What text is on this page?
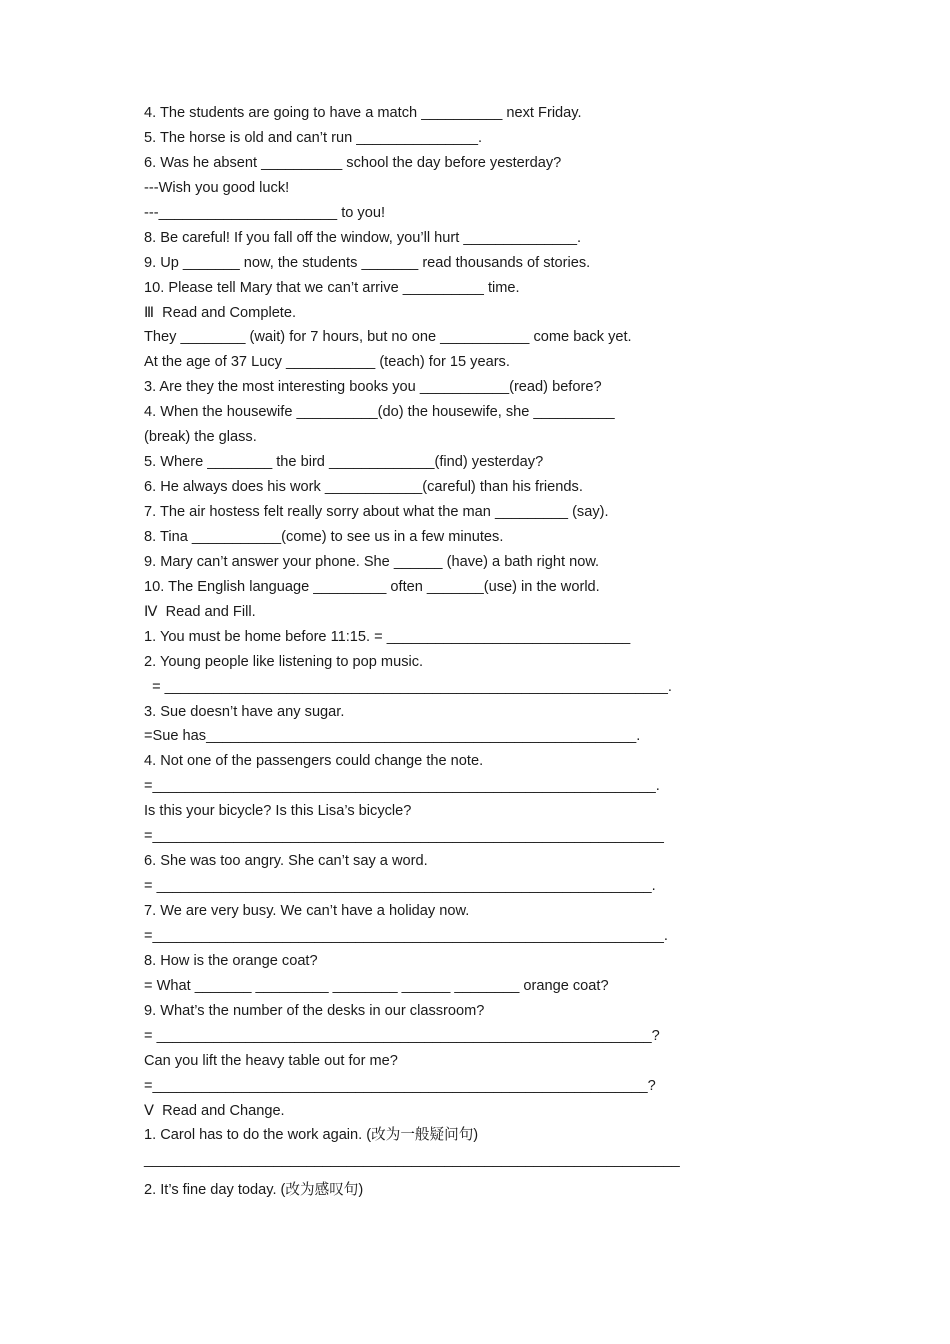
4. The students are going to have a match __________ next Friday.
5. The horse is old and can’t run _______________.
6. Was he absent __________ school the day before yesterday?
---Wish you good luck!
---______________________ to you!
8. Be careful! If you fall off the window, you’ll hurt ______________.
9. Up _______ now, the students _______ read thousands of stories.
10. Please tell Mary that we can’t arrive __________ time.
Ⅲ  Read and Complete.
They ________ (wait) for 7 hours, but no one ___________ come back yet.
At the age of 37 Lucy ___________ (teach) for 15 years.
3. Are they the most interesting books you ___________(read) before?
4. When the housewife __________(do) the housewife, she __________
(break) the glass.
5. Where ________ the bird _____________(find) yesterday?
6. He always does his work ____________(careful) than his friends.
7. The air hostess felt really sorry about what the man _________ (say).
8. Tina ___________(come) to see us in a few minutes.
9. Mary can’t answer your phone. She ______ (have) a bath right now.
10. The English language _________ often _______(use) in the world.
Ⅳ  Read and Fill.
1. You must be home before 11:15. = ______________________________
2. Young people like listening to pop music.
= ______________________________________________________________.
3. Sue doesn’t have any sugar.
=Sue has_____________________________________________________.
4. Not one of the passengers could change the note.
=______________________________________________________________.
Is this your bicycle? Is this Lisa’s bicycle?
=_______________________________________________________________
6. She was too angry. She can’t say a word.
= _____________________________________________________________.
7. We are very busy. We can’t have a holiday now.
=_______________________________________________________________.
8. How is the orange coat?
= What _______ _________ ________ ______ ________ orange coat?
9. What’s the number of the desks in our classroom?
= _____________________________________________________________?
Can you lift the heavy table out for me?
=_____________________________________________________________?
Ⅴ  Read and Change.
1. Carol has to do the work again. (改为一般疑问句)
__________________________________________________________________
2. It’s fine day today. (改为感叹句)
